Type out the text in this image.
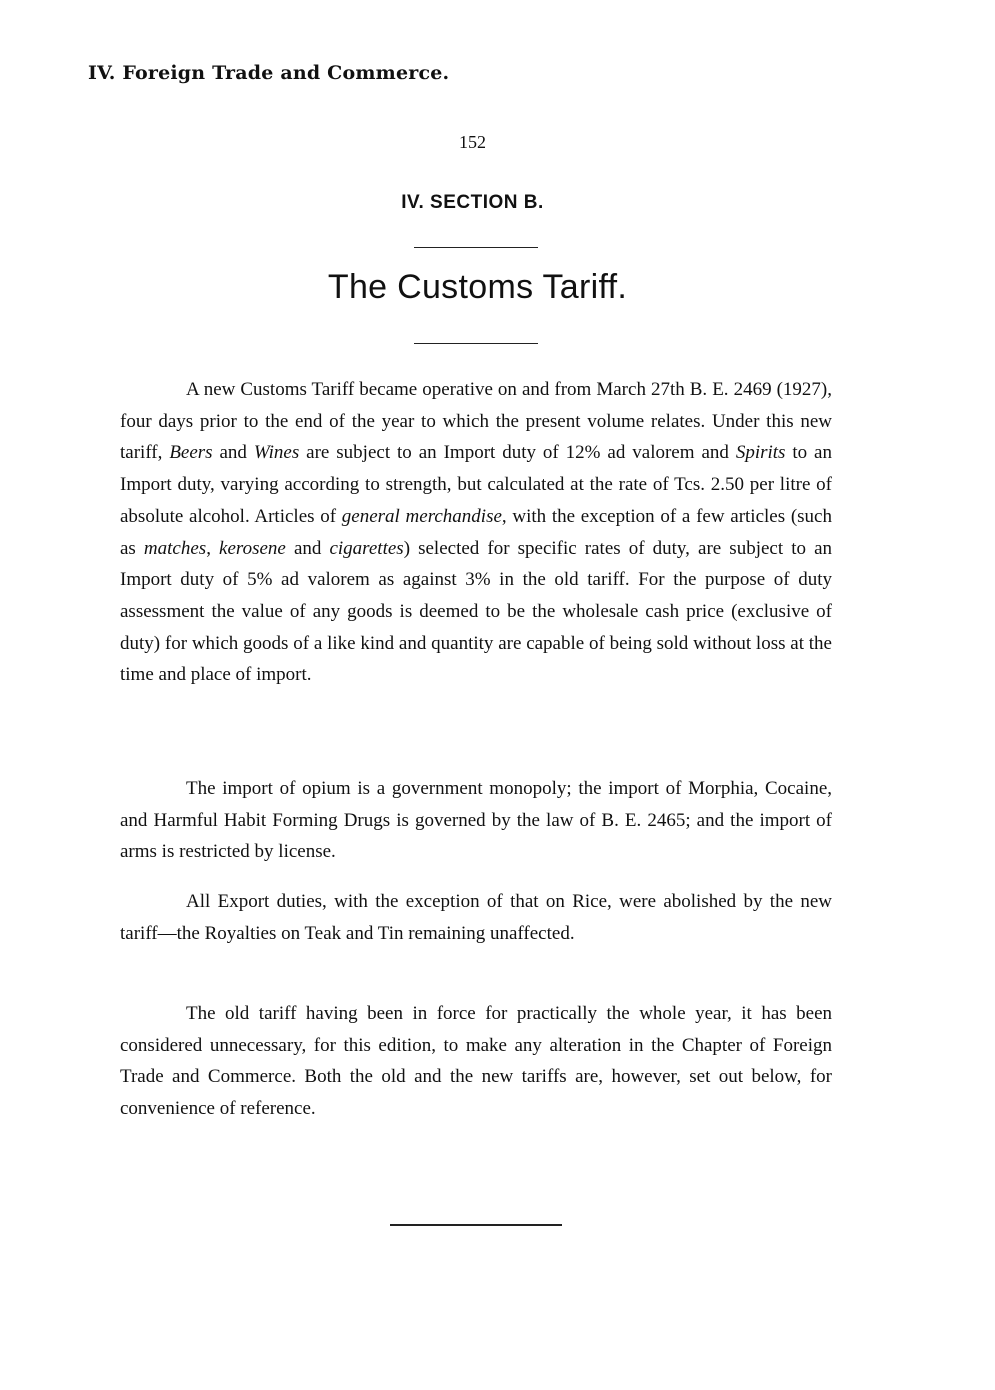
IV. Foreign Trade and Commerce.
152
IV. SECTION B.
The Customs Tariff.

A new Customs Tariff became operative on and from March 27th B. E. 2469 (1927), four days prior to the end of the year to which the present volume relates. Under this new tariff, Beers and Wines are subject to an Import duty of 12% ad valorem and Spirits to an Import duty, varying according to strength, but calculated at the rate of Tcs. 2.50 per litre of absolute alcohol. Articles of general merchandise, with the exception of a few articles (such as matches, kerosene and cigarettes) selected for specific rates of duty, are subject to an Import duty of 5% ad valorem as against 3% in the old tariff. For the purpose of duty assessment the value of any goods is deemed to be the wholesale cash price (exclusive of duty) for which goods of a like kind and quantity are capable of being sold without loss at the time and place of import.

The import of opium is a government monopoly; the import of Morphia, Cocaine, and Harmful Habit Forming Drugs is governed by the law of B. E. 2465; and the import of arms is restricted by license.

All Export duties, with the exception of that on Rice, were abolished by the new tariff—the Royalties on Teak and Tin remaining unaffected.

The old tariff having been in force for practically the whole year, it has been considered unnecessary, for this edition, to make any alteration in the Chapter of Foreign Trade and Commerce. Both the old and the new tariffs are, however, set out below, for convenience of reference.
